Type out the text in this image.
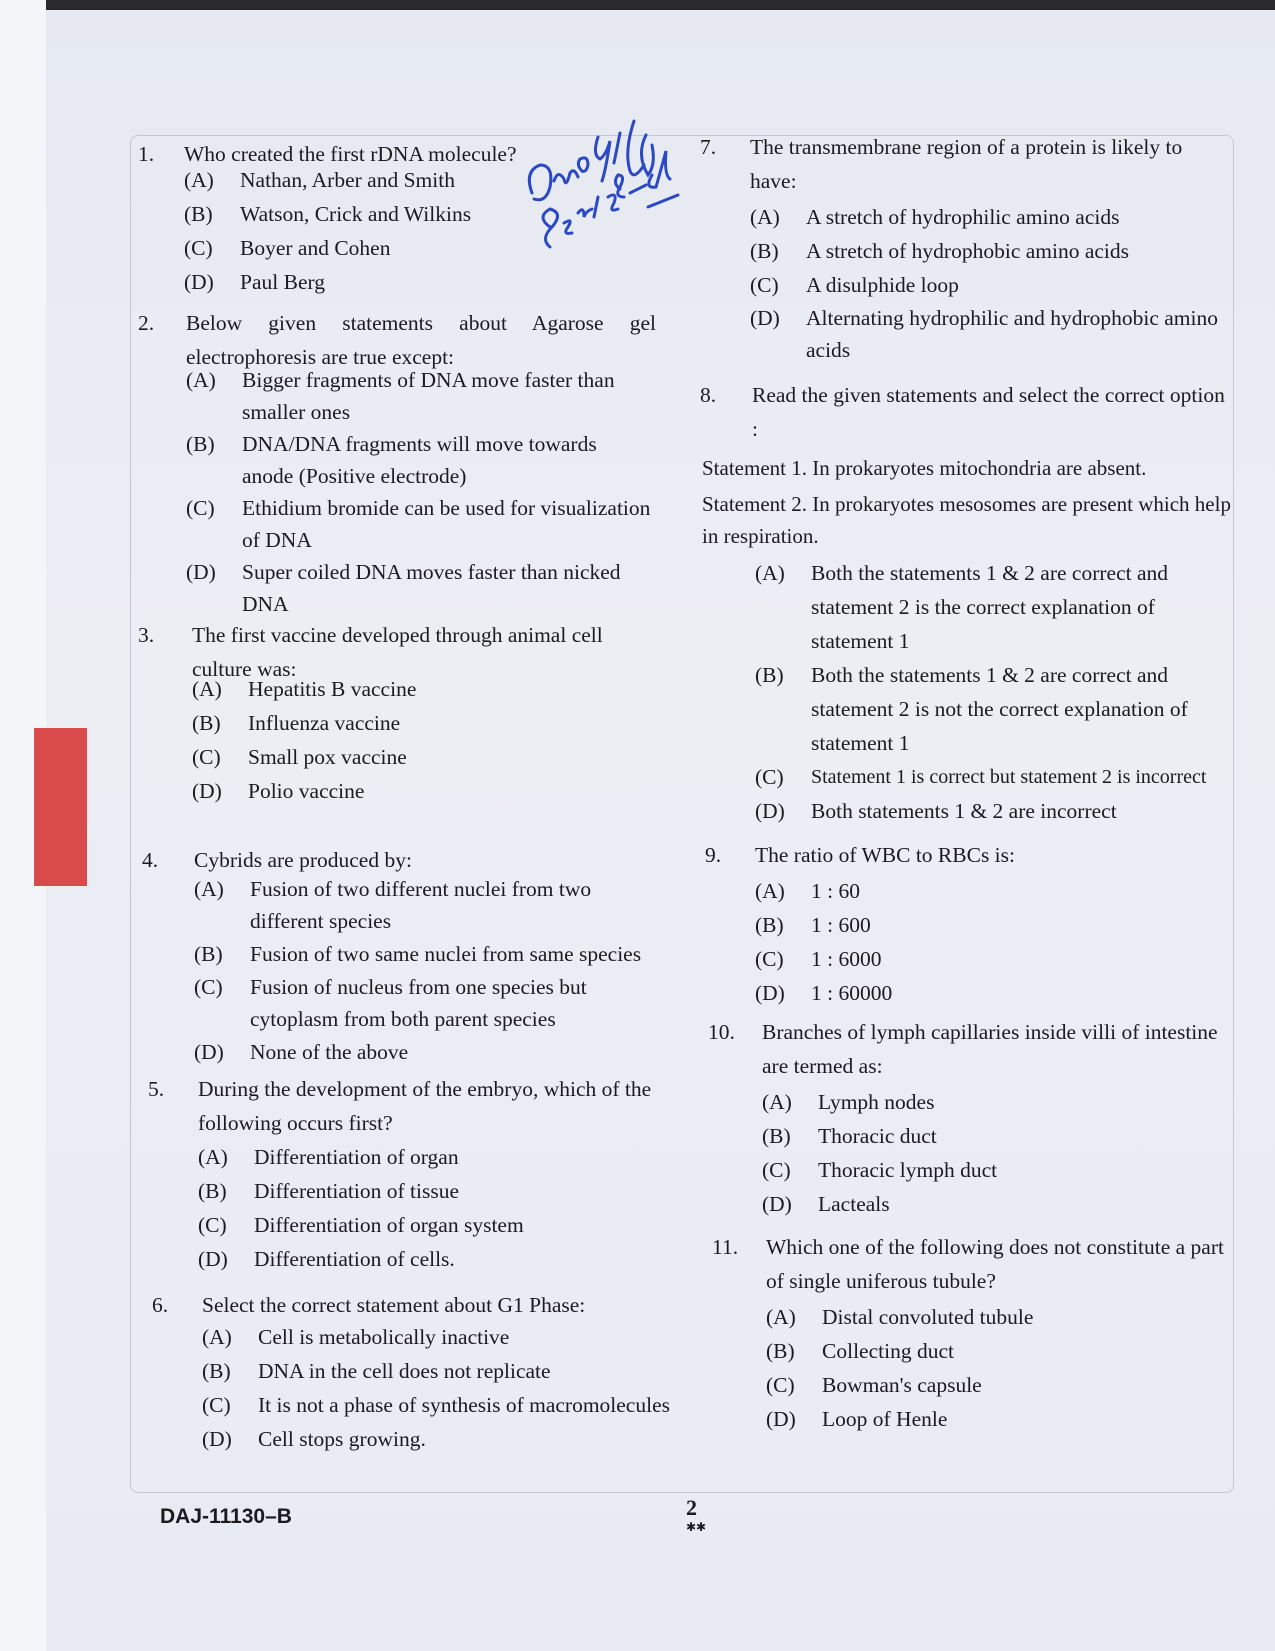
1. Who created the first rDNA molecule?
(A) Nathan, Arber and Smith
(B) Watson, Crick and Wilkins
(C) Boyer and Cohen
(D) Paul Berg
2. Below given statements about Agarose gel electrophoresis are true except:
(A) Bigger fragments of DNA move faster than smaller ones
(B) DNA/DNA fragments will move towards anode (Positive electrode)
(C) Ethidium bromide can be used for visualization of DNA
(D) Super coiled DNA moves faster than nicked DNA
3. The first vaccine developed through animal cell culture was:
(A) Hepatitis B vaccine
(B) Influenza vaccine
(C) Small pox vaccine
(D) Polio vaccine
4. Cybrids are produced by:
(A) Fusion of two different nuclei from two different species
(B) Fusion of two same nuclei from same species
(C) Fusion of nucleus from one species but cytoplasm from both parent species
(D) None of the above
5. During the development of the embryo, which of the following occurs first?
(A) Differentiation of organ
(B) Differentiation of tissue
(C) Differentiation of organ system
(D) Differentiation of cells.
6. Select the correct statement about G1 Phase:
(A) Cell is metabolically inactive
(B) DNA in the cell does not replicate
(C) It is not a phase of synthesis of macromolecules
(D) Cell stops growing.
7. The transmembrane region of a protein is likely to have:
(A) A stretch of hydrophilic amino acids
(B) A stretch of hydrophobic amino acids
(C) A disulphide loop
(D) Alternating hydrophilic and hydrophobic amino acids
8. Read the given statements and select the correct option :
Statement 1. In prokaryotes mitochondria are absent.
Statement 2. In prokaryotes mesosomes are present which help in respiration.
(A) Both the statements 1 & 2 are correct and statement 2 is the correct explanation of statement 1
(B) Both the statements 1 & 2 are correct and statement 2 is not the correct explanation of statement 1
(C) Statement 1 is correct but statement 2 is incorrect
(D) Both statements 1 & 2 are incorrect
9. The ratio of WBC to RBCs is:
(A) 1 : 60
(B) 1 : 600
(C) 1 : 6000
(D) 1 : 60000
10. Branches of lymph capillaries inside villi of intestine are termed as:
(A) Lymph nodes
(B) Thoracic duct
(C) Thoracic lymph duct
(D) Lacteals
11. Which one of the following does not constitute a part of single uniferous tubule?
(A) Distal convoluted tubule
(B) Collecting duct
(C) Bowman's capsule
(D) Loop of Henle
DAJ-11130–B	2
✱✱
